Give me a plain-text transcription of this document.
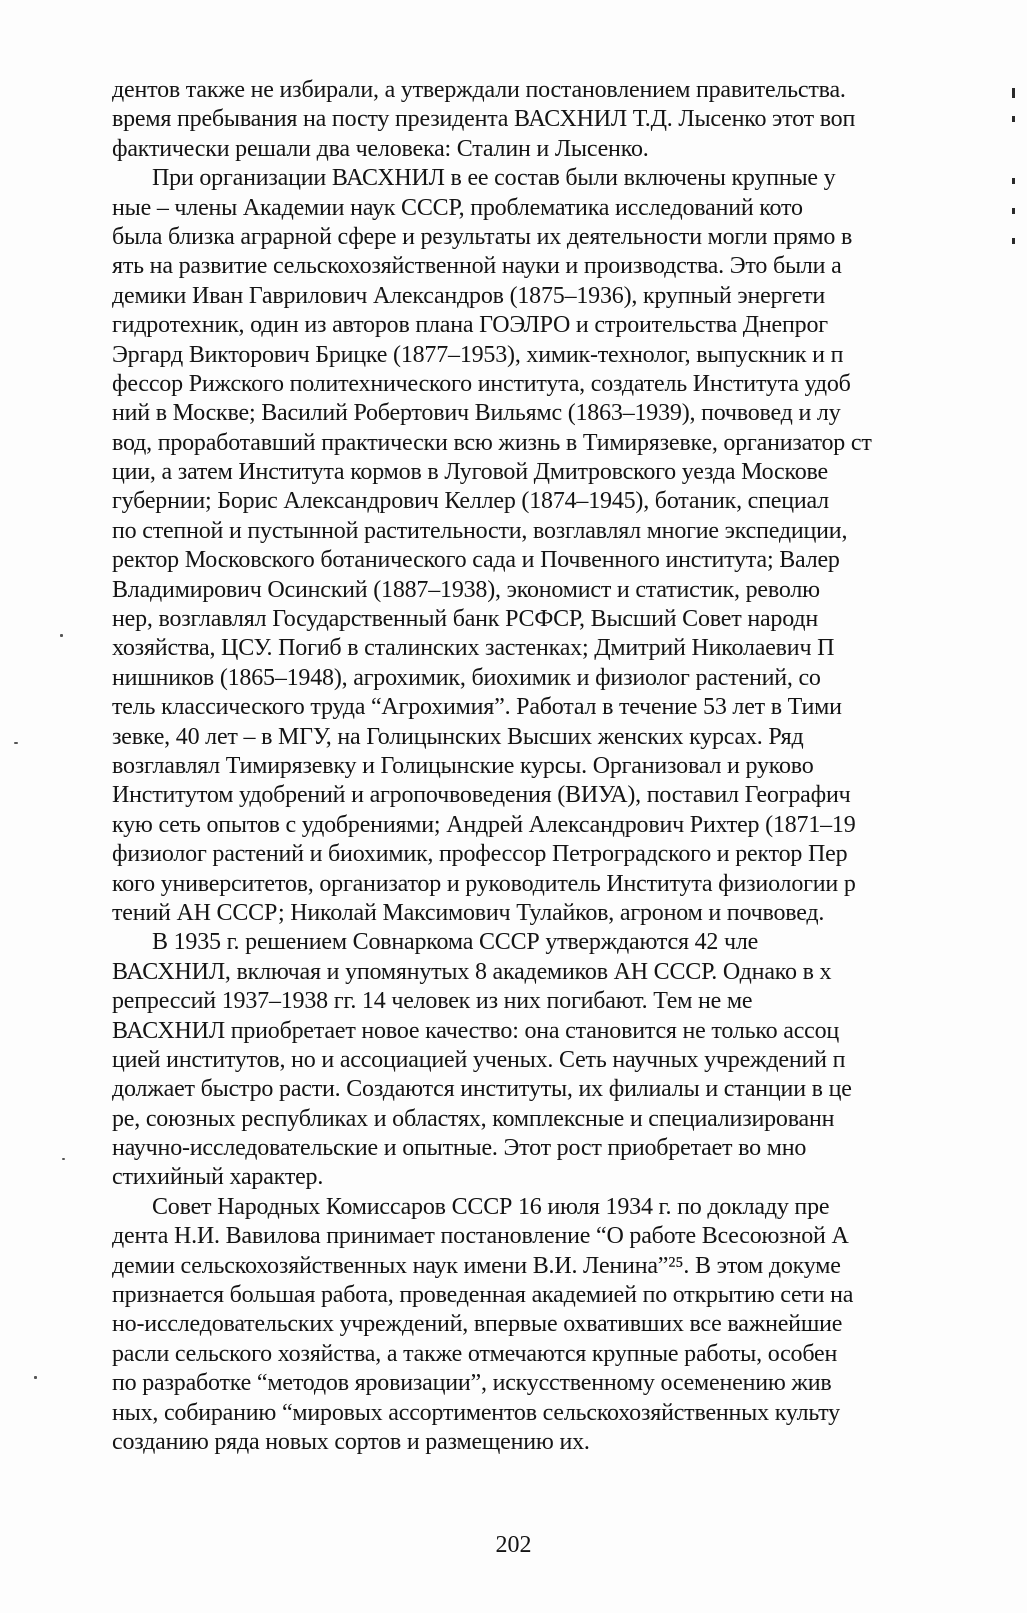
дентов также не избирали, а утверждали постановлением правительства.
время пребывания на посту президента ВАСХНИЛ Т.Д. Лысенко этот воп
фактически решали два человека: Сталин и Лысенко.
При организации ВАСХНИЛ в ее состав были включены крупные у
ные – члены Академии наук СССР, проблематика исследований кото
была близка аграрной сфере и результаты их деятельности могли прямо в
ять на развитие сельскохозяйственной науки и производства. Это были а
демики Иван Гаврилович Александров (1875–1936), крупный энергети
гидротехник, один из авторов плана ГОЭЛРО и строительства Днепрог
Эргард Викторович Брицке (1877–1953), химик-технолог, выпускник и п
фессор Рижского политехнического института, создатель Института удоб
ний в Москве; Василий Робертович Вильямс (1863–1939), почвовед и лу
вод, проработавший практически всю жизнь в Тимирязевке, организатор ст
ции, а затем Института кормов в Луговой Дмитровского уезда Москове
губернии; Борис Александрович Келлер (1874–1945), ботаник, специал
по степной и пустынной растительности, возглавлял многие экспедиции,
ректор Московского ботанического сада и Почвенного института; Валер
Владимирович Осинский (1887–1938), экономист и статистик, револю
нер, возглавлял Государственный банк РСФСР, Высший Совет народн
хозяйства, ЦСУ. Погиб в сталинских застенках; Дмитрий Николаевич П
нишников (1865–1948), агрохимик, биохимик и физиолог растений, со
тель классического труда “Агрохимия”. Работал в течение 53 лет в Тими
зевке, 40 лет – в МГУ, на Голицынских Высших женских курсах. Ряд
возглавлял Тимирязевку и Голицынские курсы. Организовал и руково
Институтом удобрений и агропочвоведения (ВИУА), поставил Географич
кую сеть опытов с удобрениями; Андрей Александрович Рихтер (1871–19
физиолог растений и биохимик, профессор Петроградского и ректор Пер
кого университетов, организатор и руководитель Института физиологии р
тений АН СССР; Николай Максимович Тулайков, агроном и почвовед.
В 1935 г. решением Совнаркома СССР утверждаются 42 чле
ВАСХНИЛ, включая и упомянутых 8 академиков АН СССР. Однако в х
репрессий 1937–1938 гг. 14 человек из них погибают. Тем не ме
ВАСХНИЛ приобретает новое качество: она становится не только ассоц
цией институтов, но и ассоциацией ученых. Сеть научных учреждений п
должает быстро расти. Создаются институты, их филиалы и станции в це
ре, союзных республиках и областях, комплексные и специализированн
научно-исследовательские и опытные. Этот рост приобретает во мно
стихийный характер.
Совет Народных Комиссаров СССР 16 июля 1934 г. по докладу пре
дента Н.И. Вавилова принимает постановление “О работе Всесоюзной А
демии сельскохозяйственных наук имени В.И. Ленина”²⁵. В этом докуме
признается большая работа, проведенная академией по открытию сети на
но-исследовательских учреждений, впервые охвативших все важнейшие
расли сельского хозяйства, а также отмечаются крупные работы, особен
по разработке “методов яровизации”, искусственному осеменению жив
ных, собиранию “мировых ассортиментов сельскохозяйственных культу
созданию ряда новых сортов и размещению их.
202
